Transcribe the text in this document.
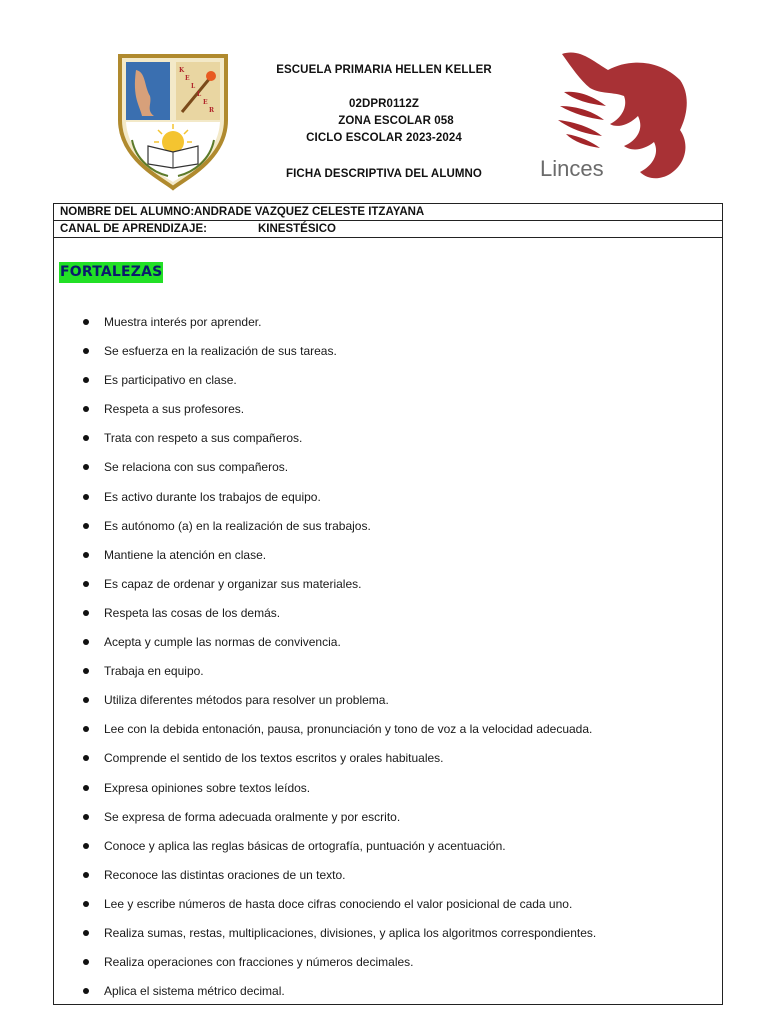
K
E
L
L
E
R
ESCUELA PRIMARIA HELLEN KELLER
02DPR0112Z
ZONA ESCOLAR 058
CICLO ESCOLAR 2023-2024
FICHA DESCRIPTIVA DEL ALUMNO	Linces
NOMBRE DEL ALUMNO: ANDRADE VAZQUEZ CELESTE ITZAYANA
CANAL DE APRENDIZAJE:	KINESTÉSICO
FORTALEZAS
Muestra interés por aprender.
Se esfuerza en la realización de sus tareas.
Es participativo en clase.
Respeta a sus profesores.
Trata con respeto a sus compañeros.
Se relaciona con sus compañeros.
Es activo durante los trabajos de equipo.
Es autónomo (a) en la realización de sus trabajos.
Mantiene la atención en clase.
Es capaz de ordenar y organizar sus materiales.
Respeta las cosas de los demás.
Acepta y cumple las normas de convivencia.
Trabaja en equipo.
Utiliza diferentes métodos para resolver un problema.
Lee con la debida entonación, pausa, pronunciación y tono de voz a la velocidad adecuada.
Comprende el sentido de los textos escritos y orales habituales.
Expresa opiniones sobre textos leídos.
Se expresa de forma adecuada oralmente y por escrito.
Conoce y aplica las reglas básicas de ortografía, puntuación y acentuación.
Reconoce las distintas oraciones de un texto.
Lee y escribe números de hasta doce cifras conociendo el valor posicional de cada uno.
Realiza sumas, restas, multiplicaciones, divisiones, y aplica los algoritmos correspondientes.
Realiza operaciones con fracciones y números decimales.
Aplica el sistema métrico decimal.
